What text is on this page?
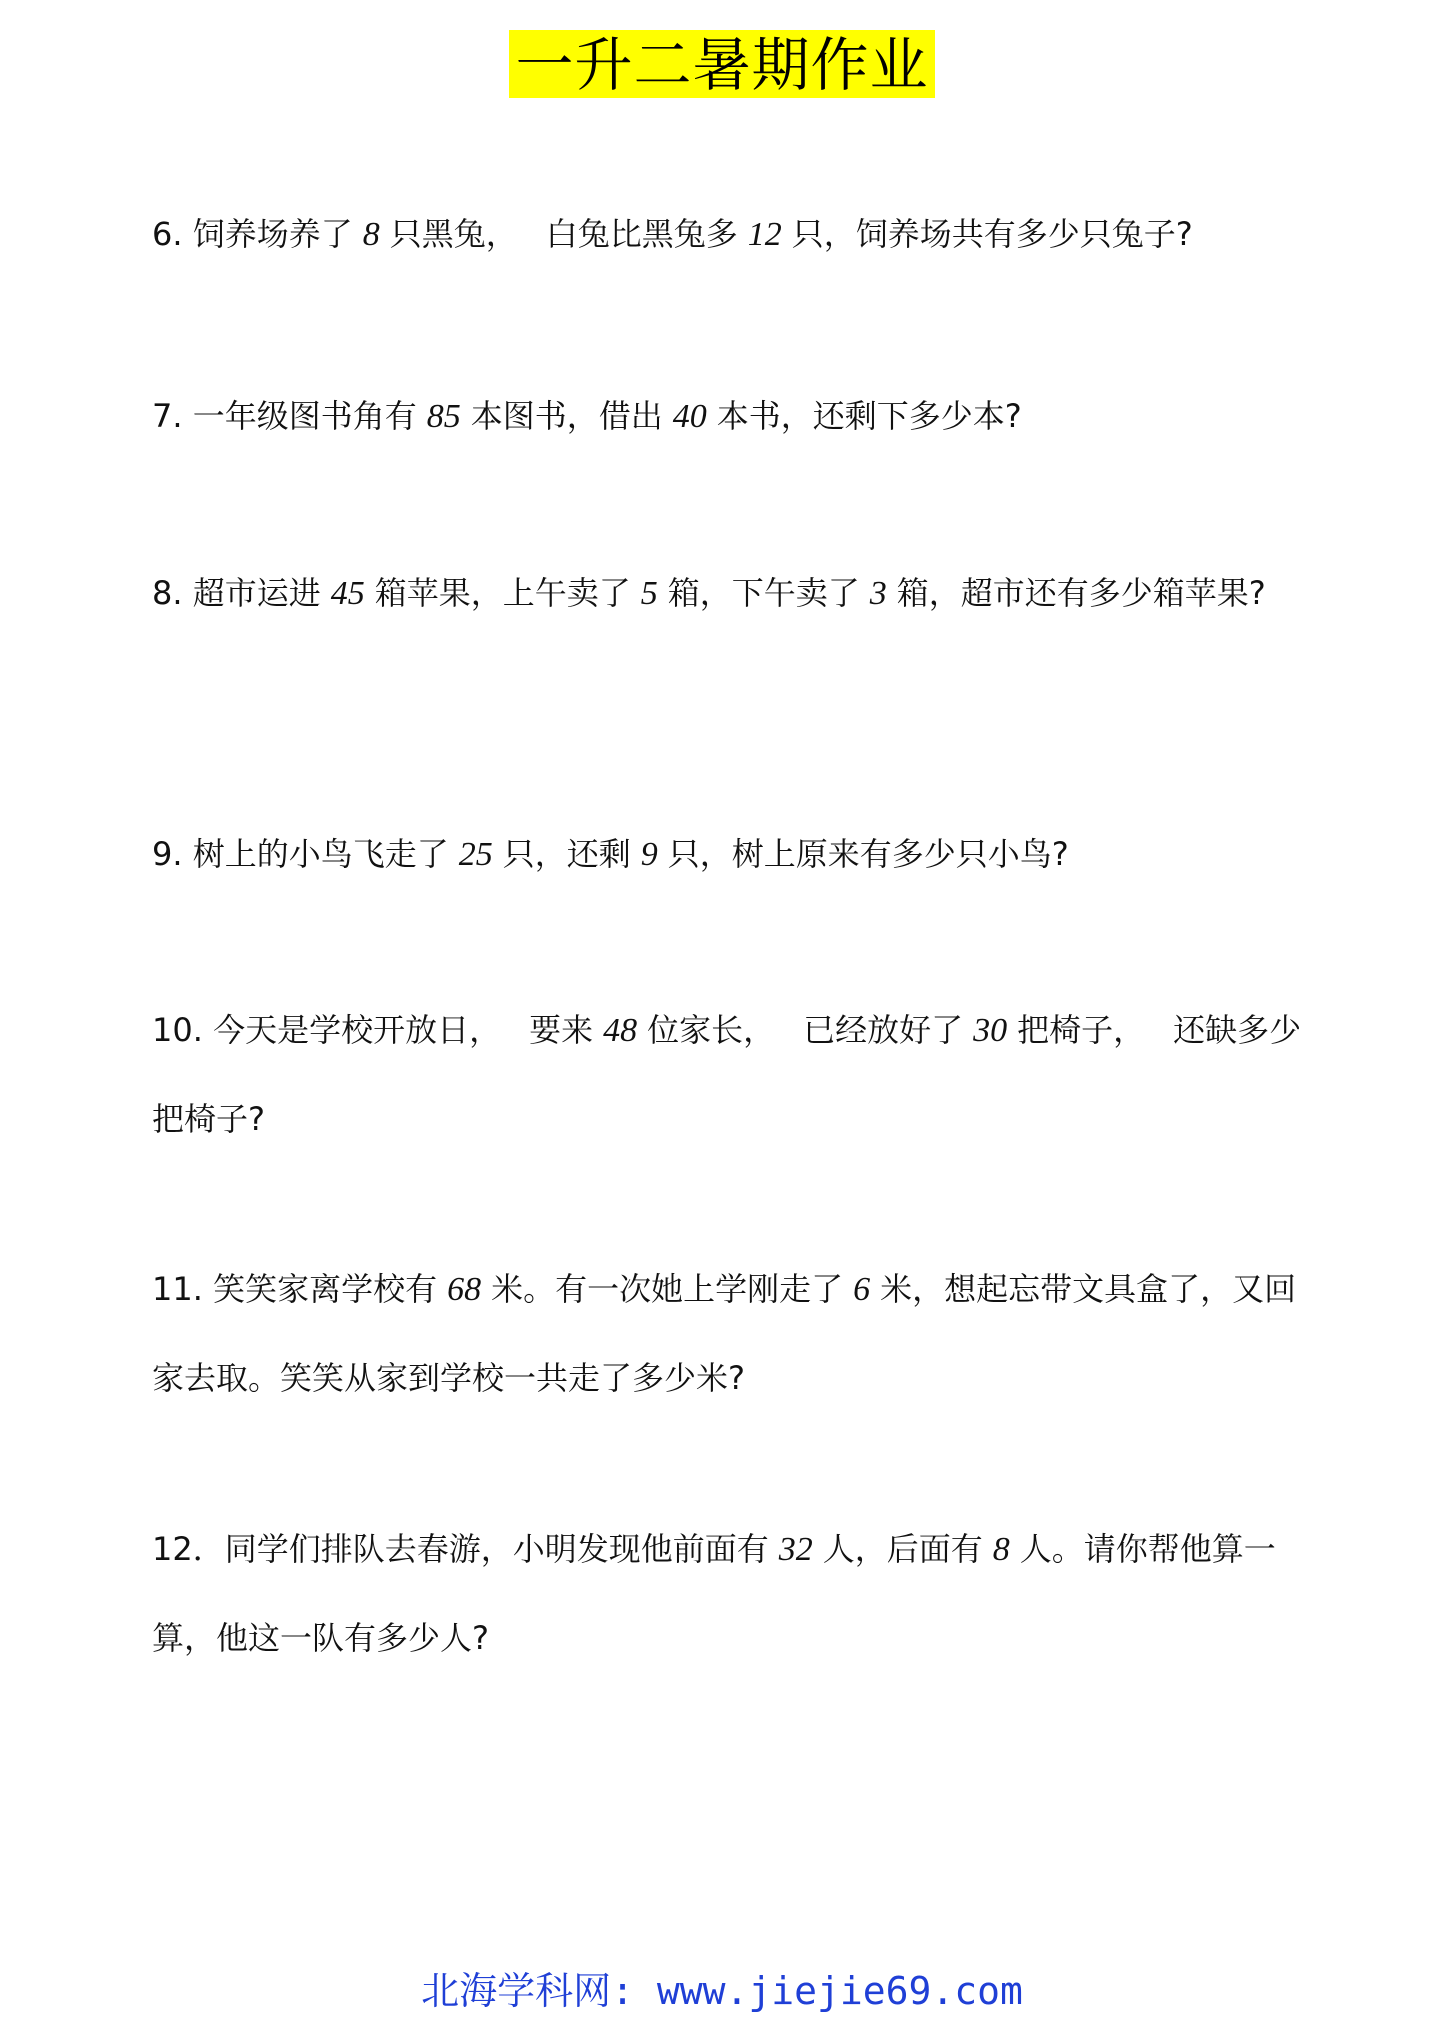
一升二暑期作业

6. 饲养场养了 8 只黑兔， 白兔比黑兔多 12 只，饲养场共有多少只兔子?

7. 一年级图书角有 85 本图书，借出 40 本书，还剩下多少本?

8. 超市运进 45 箱苹果，上午卖了 5 箱，下午卖了 3 箱，超市还有多少箱苹果?

9. 树上的小鸟飞走了 25 只，还剩 9 只，树上原来有多少只小鸟?

10. 今天是学校开放日， 要来 48 位家长， 已经放好了 30 把椅子， 还缺多少把椅子?

11. 笑笑家离学校有 68 米。有一次她上学刚走了 6 米，想起忘带文具盒了，又回家去取。笑笑从家到学校一共走了多少米?

12．同学们排队去春游，小明发现他前面有 32 人，后面有 8 人。请你帮他算一算，他这一队有多少人?

北海学科网: www.jiejie69.com
